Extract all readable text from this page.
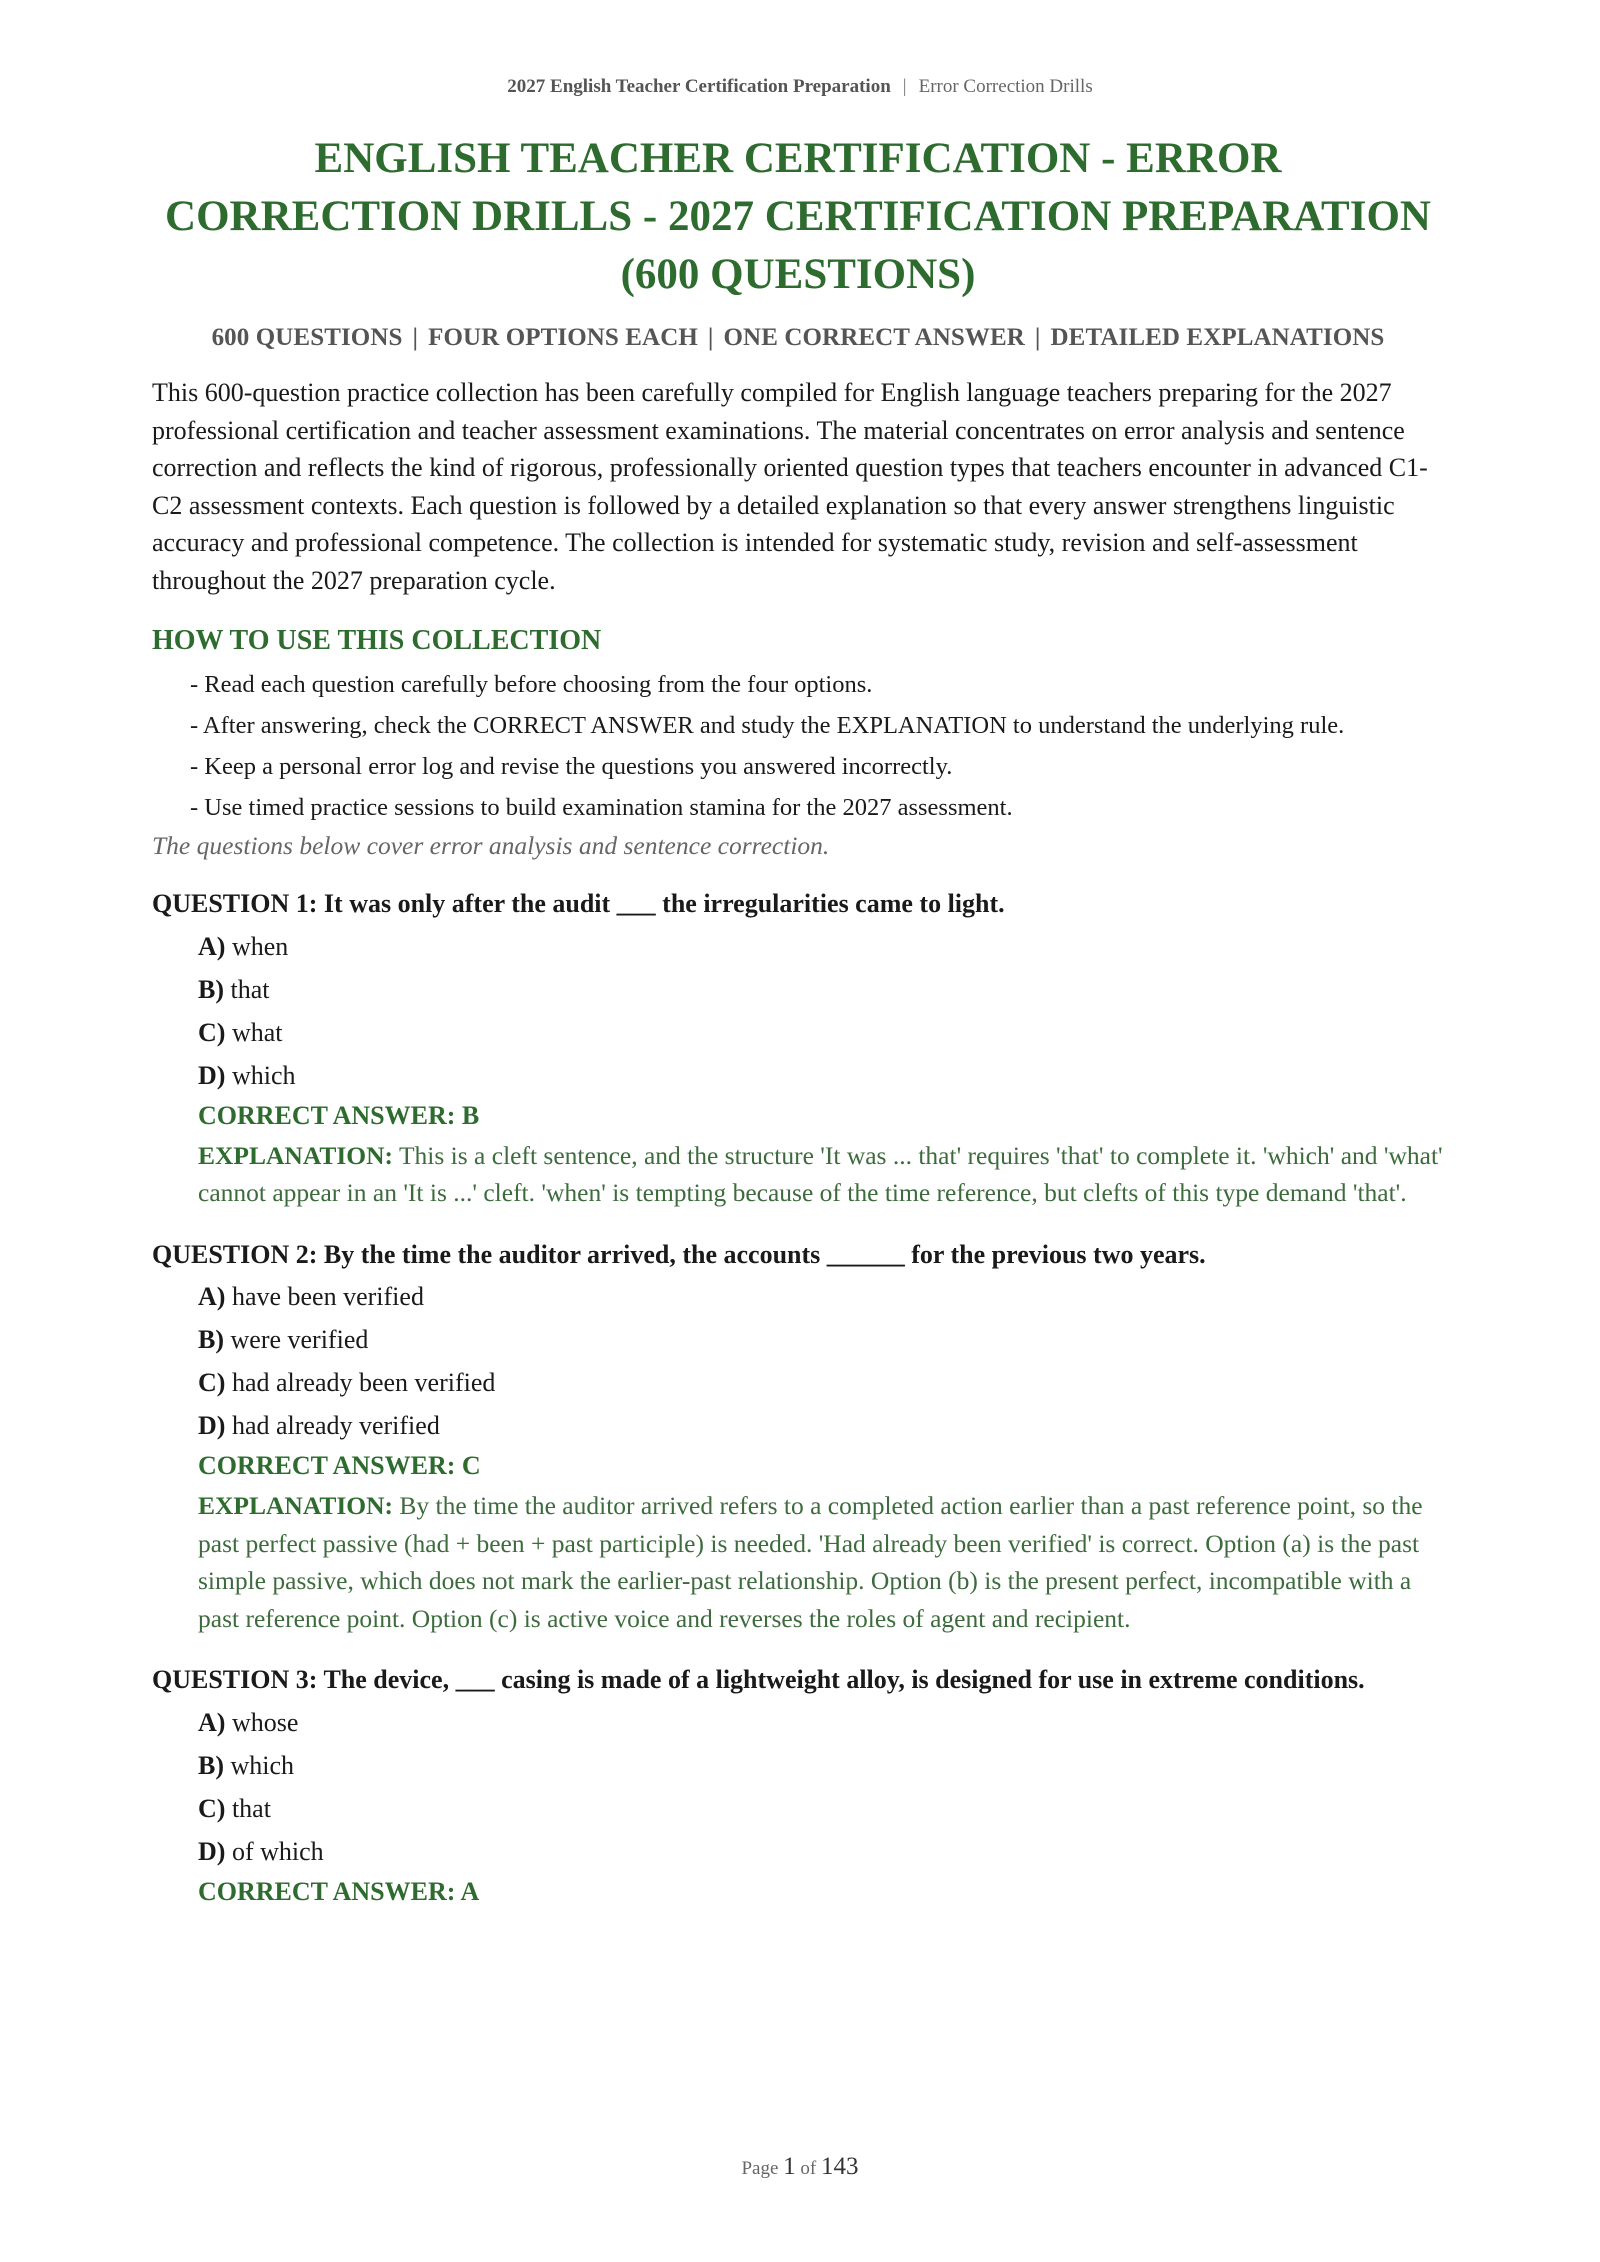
2027 English Teacher Certification Preparation | Error Correction Drills
ENGLISH TEACHER CERTIFICATION - ERROR CORRECTION DRILLS - 2027 CERTIFICATION PREPARATION (600 QUESTIONS)
600 QUESTIONS | FOUR OPTIONS EACH | ONE CORRECT ANSWER | DETAILED EXPLANATIONS

This 600-question practice collection has been carefully compiled for English language teachers preparing for the 2027 professional certification and teacher assessment examinations. The material concentrates on error analysis and sentence correction and reflects the kind of rigorous, professionally oriented question types that teachers encounter in advanced C1-C2 assessment contexts. Each question is followed by a detailed explanation so that every answer strengthens linguistic accuracy and professional competence. The collection is intended for systematic study, revision and self-assessment throughout the 2027 preparation cycle.

HOW TO USE THIS COLLECTION
- Read each question carefully before choosing from the four options.
- After answering, check the CORRECT ANSWER and study the EXPLANATION to understand the underlying rule.
- Keep a personal error log and revise the questions you answered incorrectly.
- Use timed practice sessions to build examination stamina for the 2027 assessment.
The questions below cover error analysis and sentence correction.
QUESTION 1: It was only after the audit ___ the irregularities came to light.
A) when
B) that
C) what
D) which
CORRECT ANSWER: B
EXPLANATION: This is a cleft sentence, and the structure 'It was ... that' requires 'that' to complete it. 'which' and 'what' cannot appear in an 'It is ...' cleft. 'when' is tempting because of the time reference, but clefts of this type demand 'that'.
QUESTION 2: By the time the auditor arrived, the accounts ______ for the previous two years.
A) have been verified
B) were verified
C) had already been verified
D) had already verified
CORRECT ANSWER: C
EXPLANATION: By the time the auditor arrived refers to a completed action earlier than a past reference point, so the past perfect passive (had + been + past participle) is needed. 'Had already been verified' is correct. Option (a) is the past simple passive, which does not mark the earlier-past relationship. Option (b) is the present perfect, incompatible with a past reference point. Option (c) is active voice and reverses the roles of agent and recipient.
QUESTION 3: The device, ___ casing is made of a lightweight alloy, is designed for use in extreme conditions.
A) whose
B) which
C) that
D) of which
CORRECT ANSWER: A
Page 1 of 143
